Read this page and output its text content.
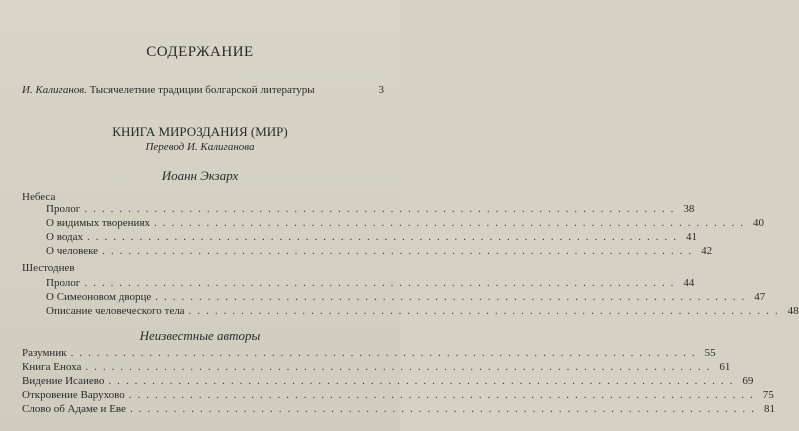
СОДЕРЖАНИЕ
И. Калиганов. Тысячелетние традиции болгарской литературы	3
КНИГА МИРОЗДАНИЯ (МИР)
Перевод И. Калиганова
Иоанн Экзарх
Небеса
Пролог .................................................................... 38
О видимых творениях .................................................................... 40
О водах .................................................................... 41
О человеке .................................................................... 42
Шестоднев
Пролог .................................................................... 44
О Симеоновом дворце .................................................................... 47
Описание человеческого тела .................................................................... 48
Неизвестные авторы
Разумник ........................................................................ 55
Книга Еноха ........................................................................ 61
Видение Исаиево ........................................................................ 69
Откровение Варухово ........................................................................ 75
Слово об Адаме и Еве ........................................................................ 81
